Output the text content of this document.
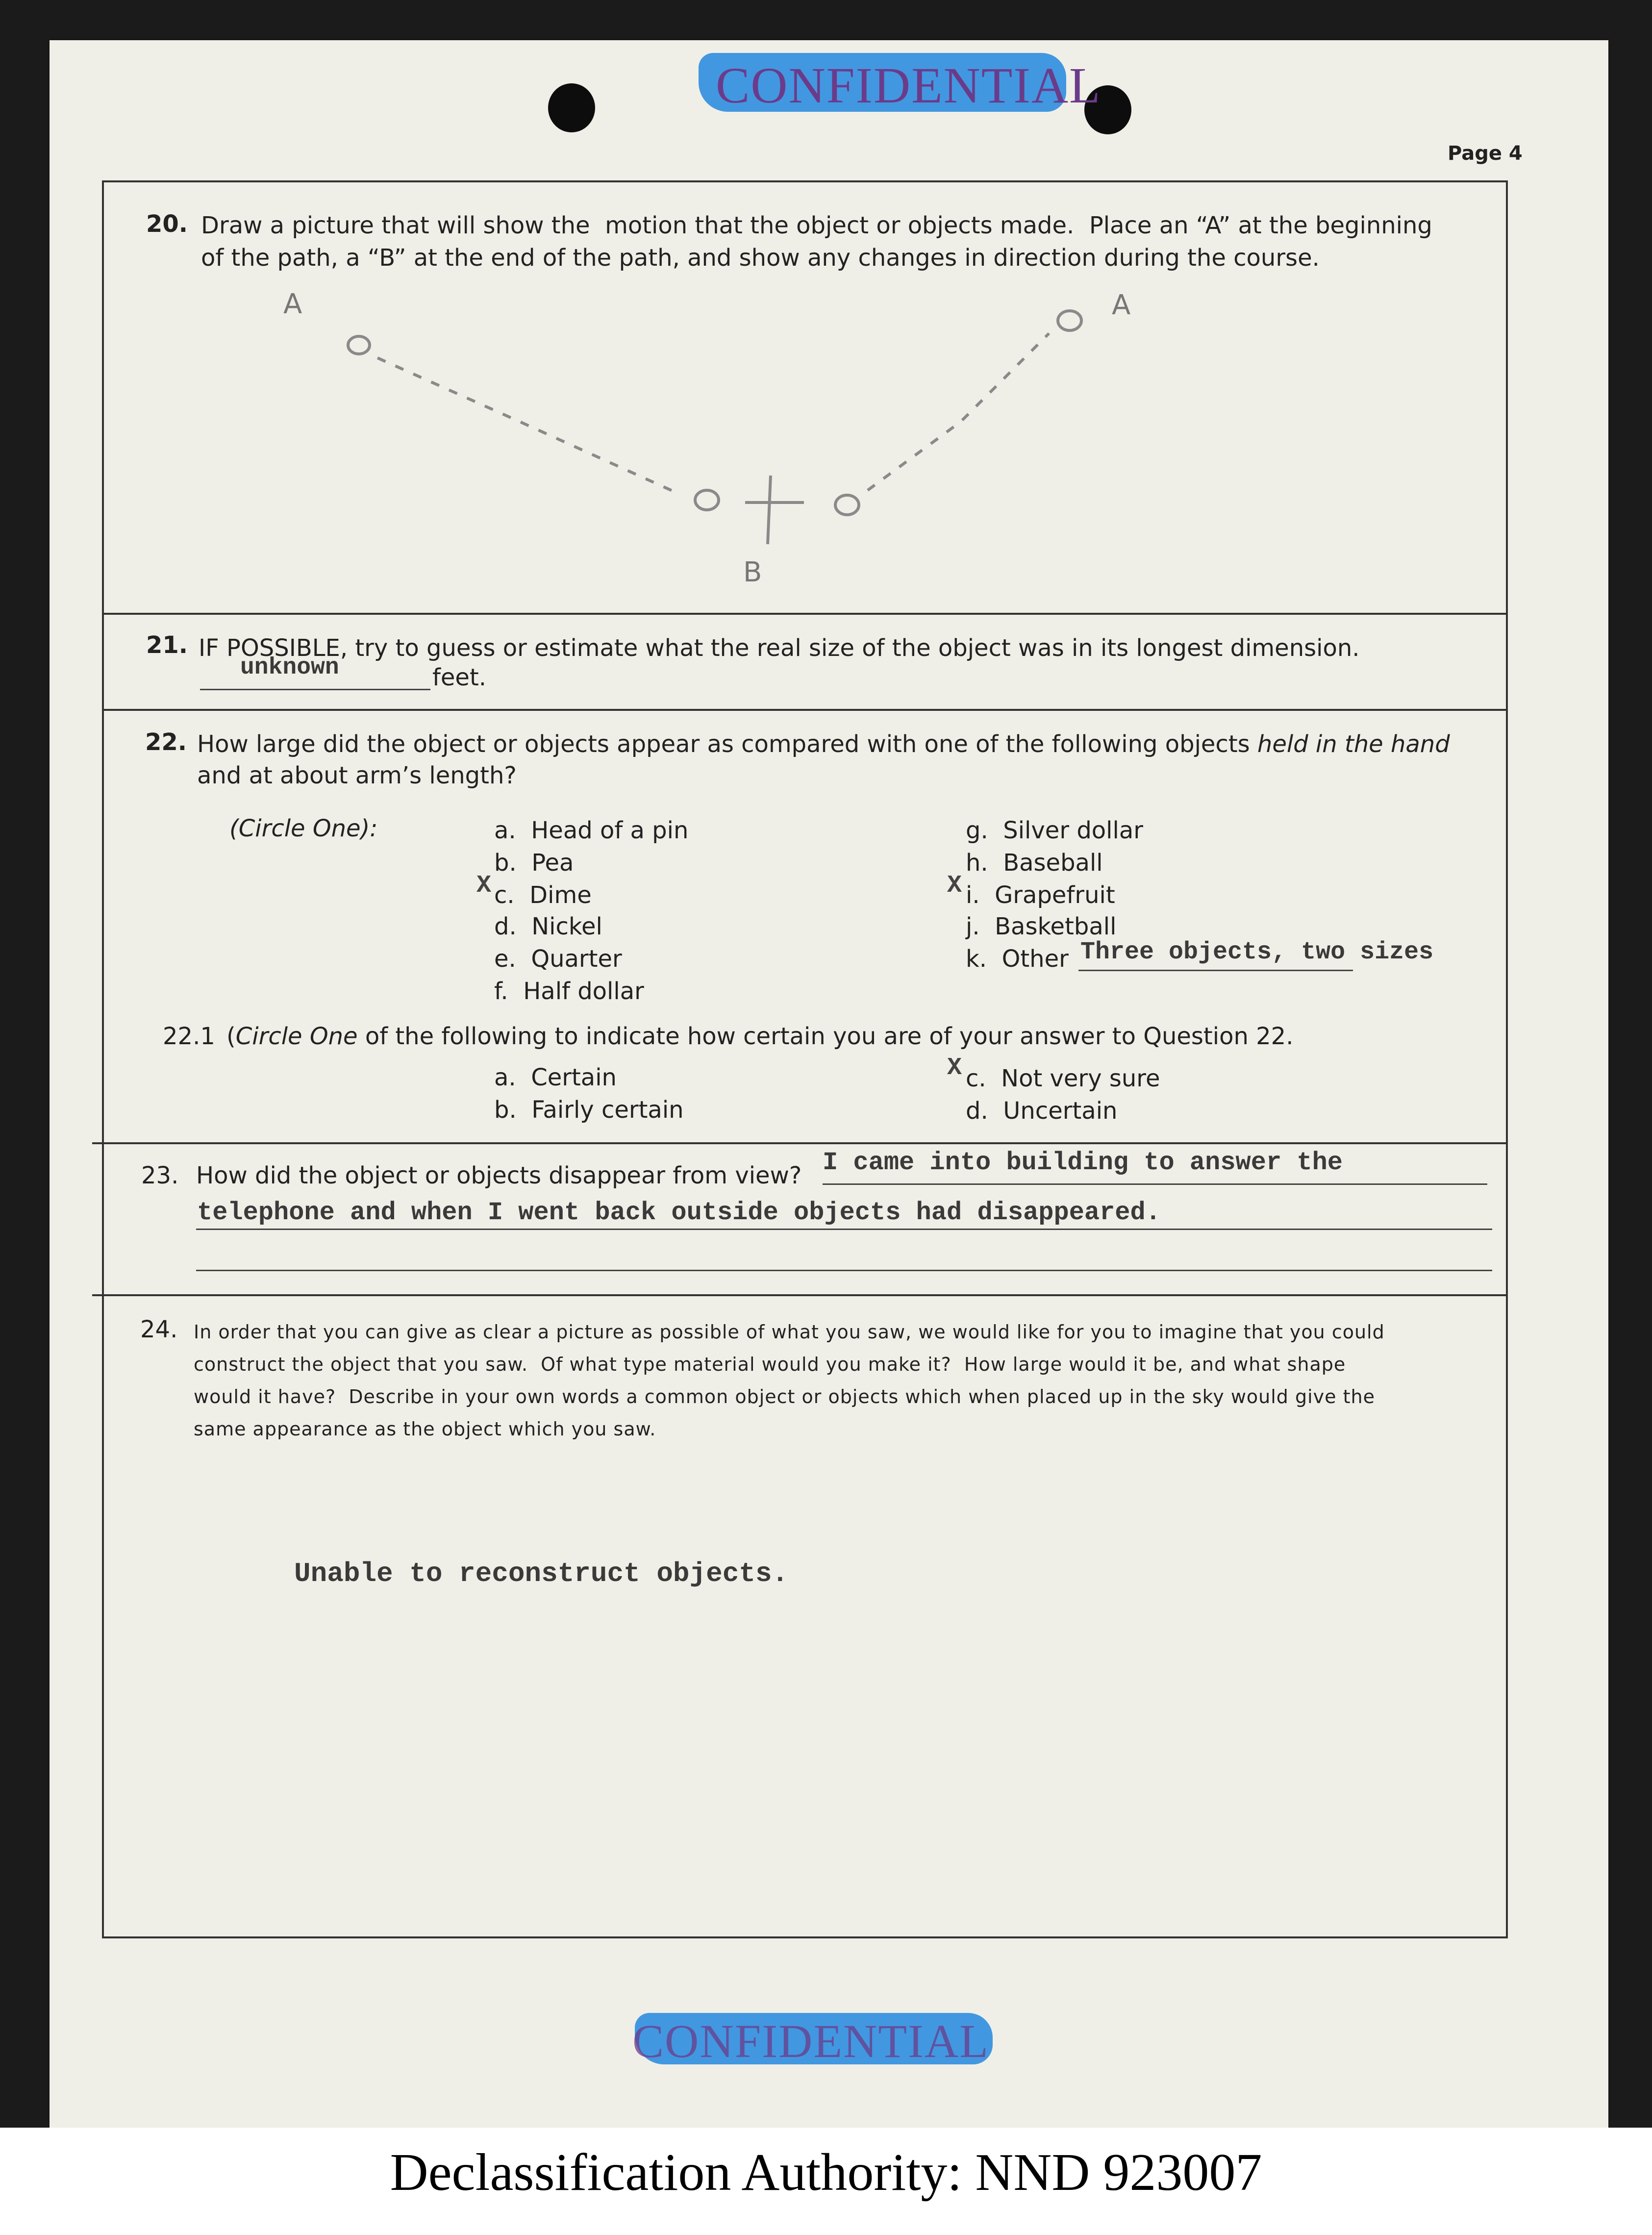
CONFIDENTIAL
Page 4
20. Draw a picture that will show the  motion that the object or objects made.  Place an “A” at the beginning
of the path, a “B” at the end of the path, and show any changes in direction during the course.
A	A
B
21. IF POSSIBLE, try to guess or estimate what the real size of the object was in its longest dimension.
unknown	feet.
22. How large did the object or objects appear as compared with one of the following objects held in the hand
and at about arm’s length?
(Circle One):	a. Head of a pin
b. Pea
X c. Dime
d. Nickel
e. Quarter
f. Half dollar
g. Silver dollar
h. Baseball
X i. Grapefruit
j. Basketball
k. Other Three objects, two sizes
22.1 (Circle One of the following to indicate how certain you are of your answer to Question 22.
a. Certain
b. Fairly certain
X c. Not very sure
d. Uncertain
23. How did the object or objects disappear from view? I came into building to answer the
telephone and when I went back outside objects had disappeared.
24. In order that you can give as clear a picture as possible of what you saw, we would like for you to imagine that you could
construct the object that you saw.  Of what type material would you make it?  How large would it be, and what shape
would it have?  Describe in your own words a common object or objects which when placed up in the sky would give the
same appearance as the object which you saw.
Unable to reconstruct objects.
CONFIDENTIAL
Declassification Authority: NND 923007
